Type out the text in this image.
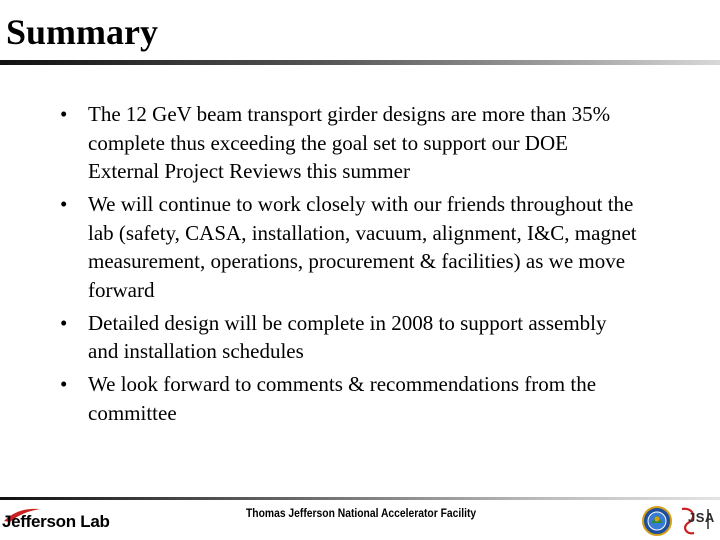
Summary
• The 12 GeV beam transport girder designs are more than 35% complete thus exceeding the goal set to support our DOE External Project Reviews this summer
• We will continue to work closely with our friends throughout the lab (safety, CASA, installation, vacuum, alignment, I&C, magnet measurement, operations, procurement & facilities) as we move forward
• Detailed design will be complete in 2008 to support assembly and installation schedules
• We look forward to comments & recommendations from the committee
Jefferson Lab	Thomas Jefferson National Accelerator Facility	JSA
